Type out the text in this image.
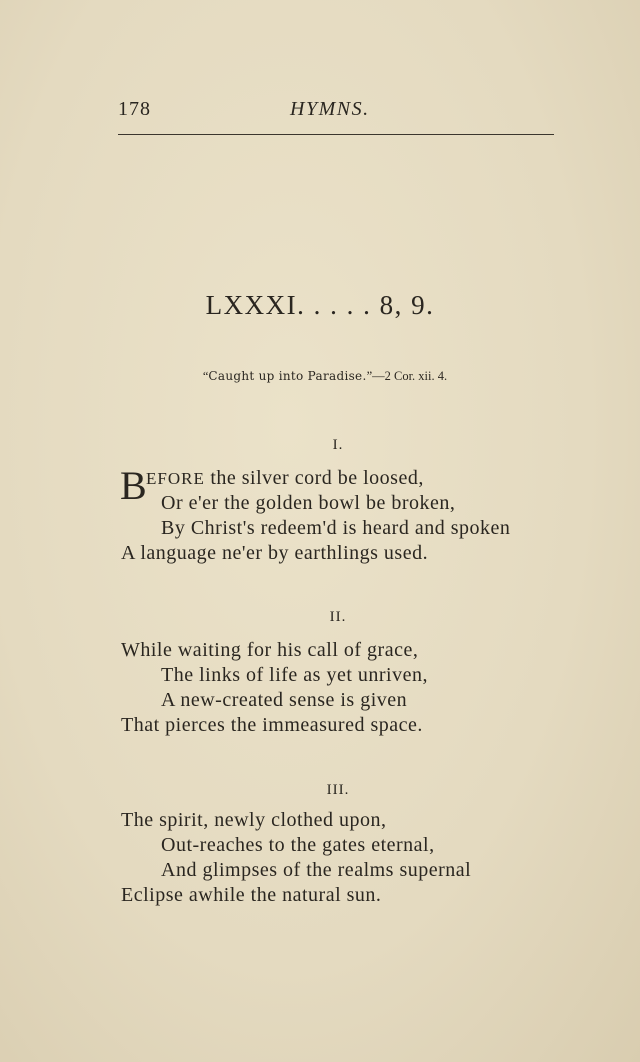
178	HYMNS.
LXXXI. . . . . 8, 9.
“Caught up into Paradise.”—2 Cor. xii. 4.
I.
B EFORE the silver cord be loosed,
Or e'er the golden bowl be broken,
By Christ's redeem'd is heard and spoken
A language ne'er by earthlings used.
II.
While waiting for his call of grace,
The links of life as yet unriven,
A new-created sense is given
That pierces the immeasured space.
III.
The spirit, newly clothed upon,
Out-reaches to the gates eternal,
And glimpses of the realms supernal
Eclipse awhile the natural sun.
